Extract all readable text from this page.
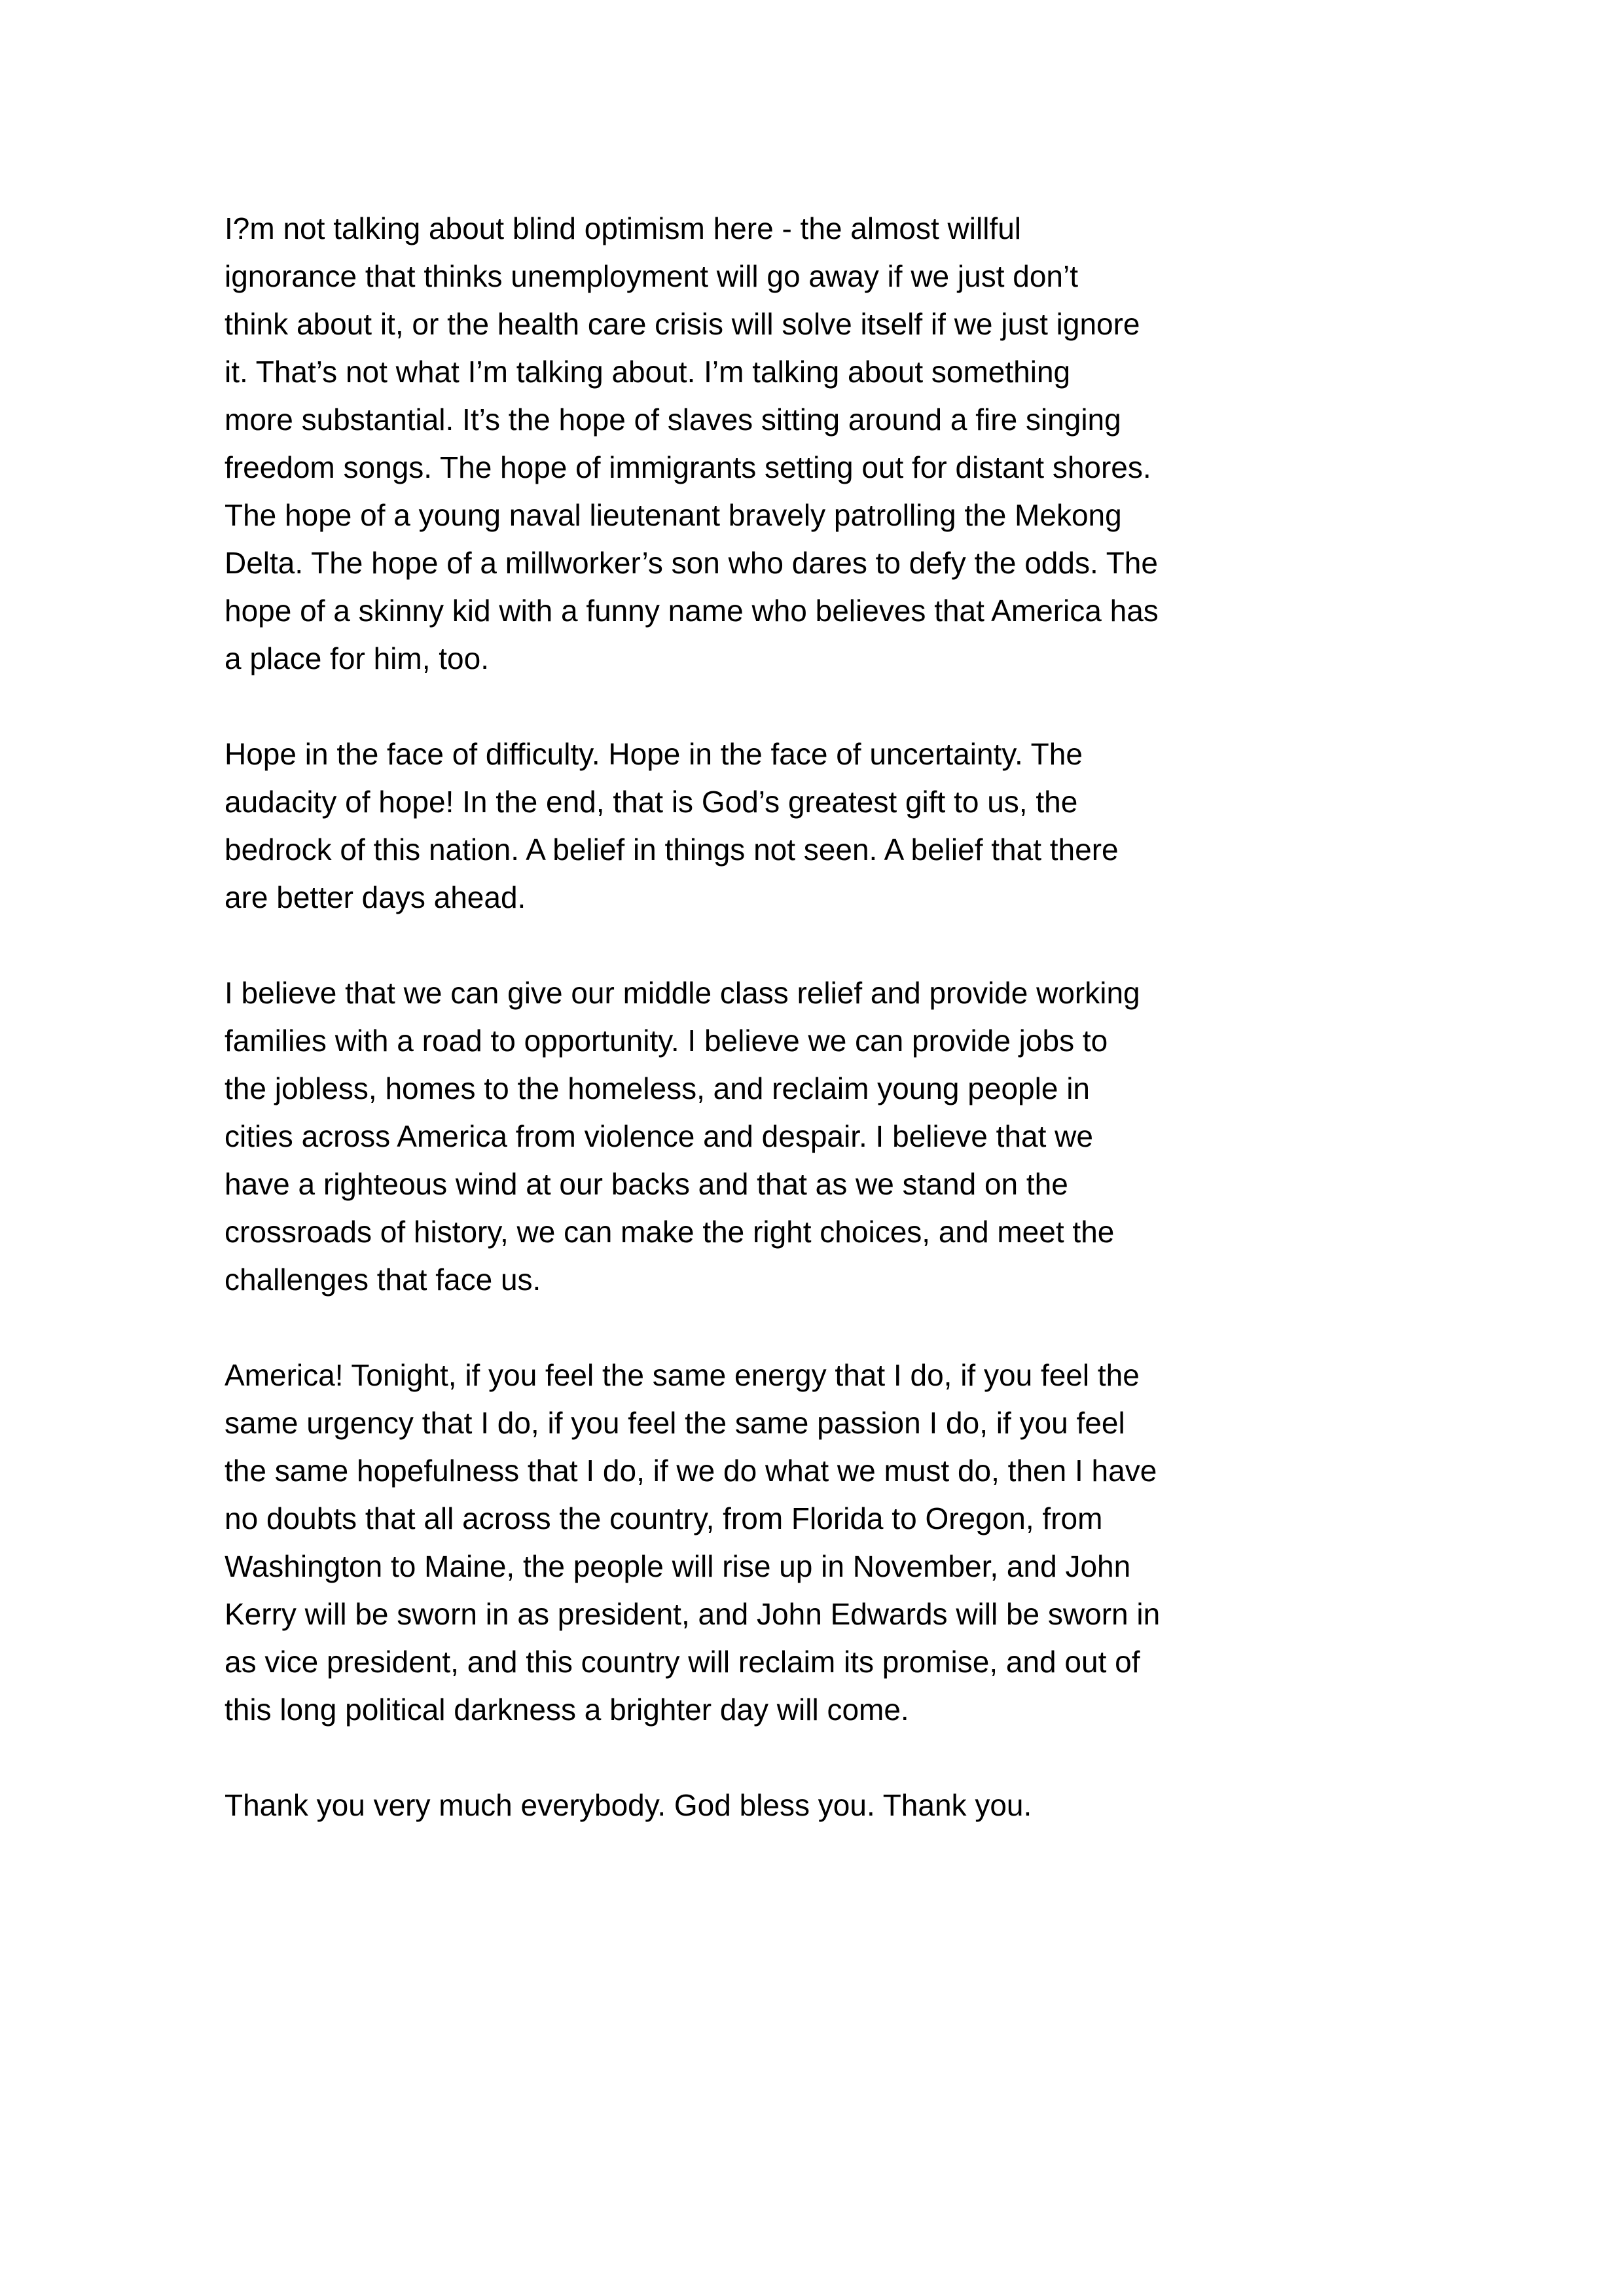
I?m not talking about blind optimism here - the almost willful
ignorance that thinks unemployment will go away if we just don’t
think about it, or the health care crisis will solve itself if we just ignore
it. That’s not what I’m talking about. I’m talking about something
more substantial. It’s the hope of slaves sitting around a fire singing
freedom songs. The hope of immigrants setting out for distant shores.
The hope of a young naval lieutenant bravely patrolling the Mekong
Delta. The hope of a millworker’s son who dares to defy the odds. The
hope of a skinny kid with a funny name who believes that America has
a place for him, too.
Hope in the face of difficulty. Hope in the face of uncertainty. The
audacity of hope! In the end, that is God’s greatest gift to us, the
bedrock of this nation. A belief in things not seen. A belief that there
are better days ahead.
I believe that we can give our middle class relief and provide working
families with a road to opportunity. I believe we can provide jobs to
the jobless, homes to the homeless, and reclaim young people in
cities across America from violence and despair. I believe that we
have a righteous wind at our backs and that as we stand on the
crossroads of history, we can make the right choices, and meet the
challenges that face us.
America! Tonight, if you feel the same energy that I do, if you feel the
same urgency that I do, if you feel the same passion I do, if you feel
the same hopefulness that I do, if we do what we must do, then I have
no doubts that all across the country, from Florida to Oregon, from
Washington to Maine, the people will rise up in November, and John
Kerry will be sworn in as president, and John Edwards will be sworn in
as vice president, and this country will reclaim its promise, and out of
this long political darkness a brighter day will come.
Thank you very much everybody. God bless you. Thank you.
